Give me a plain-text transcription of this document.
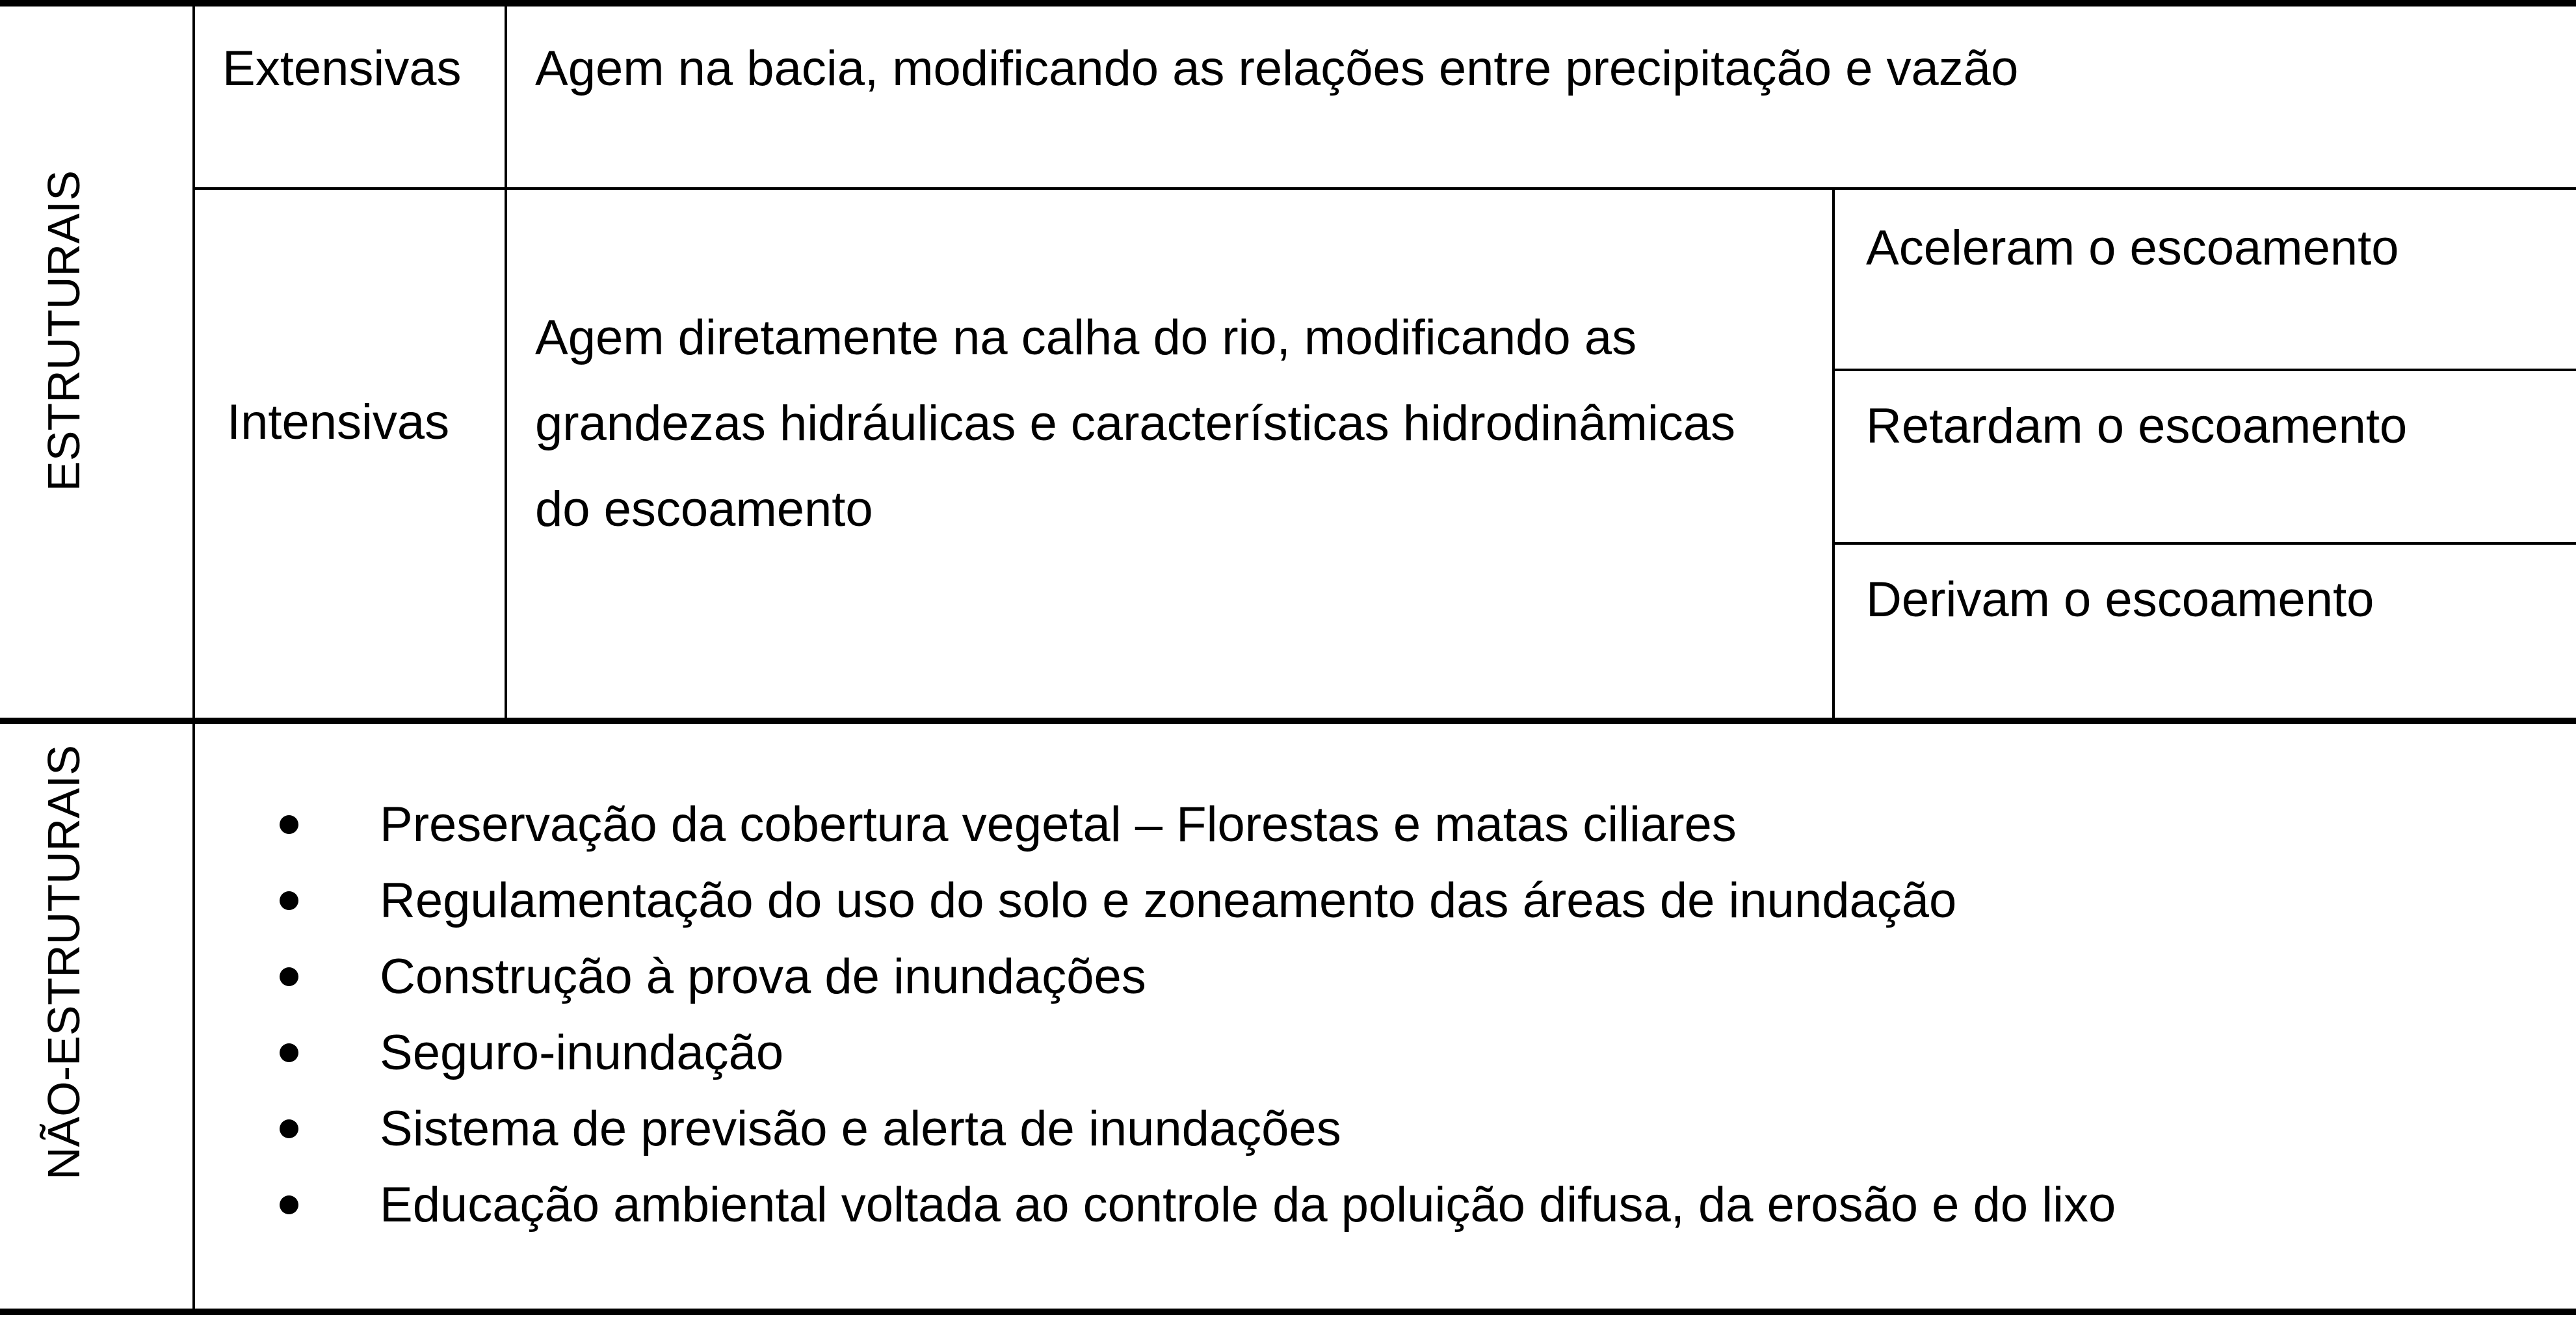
ESTRUTURAIS
Extensivas Agem na bacia, modificando as relações entre precipitação e vazão
Intensivas
Agem diretamente na calha do rio, modificando as grandezas hidráulicas e características hidrodinâmicas do escoamento
Aceleram o escoamento
Retardam o escoamento
Derivam o escoamento
NÃO-ESTRUTURAIS	Preservação da cobertura vegetal – Florestas e matas ciliares
Regulamentação do uso do solo e zoneamento das áreas de inundação
Construção à prova de inundações
Seguro-inundação
Sistema de previsão e alerta de inundações
Educação ambiental voltada ao controle da poluição difusa, da erosão e do lixo
